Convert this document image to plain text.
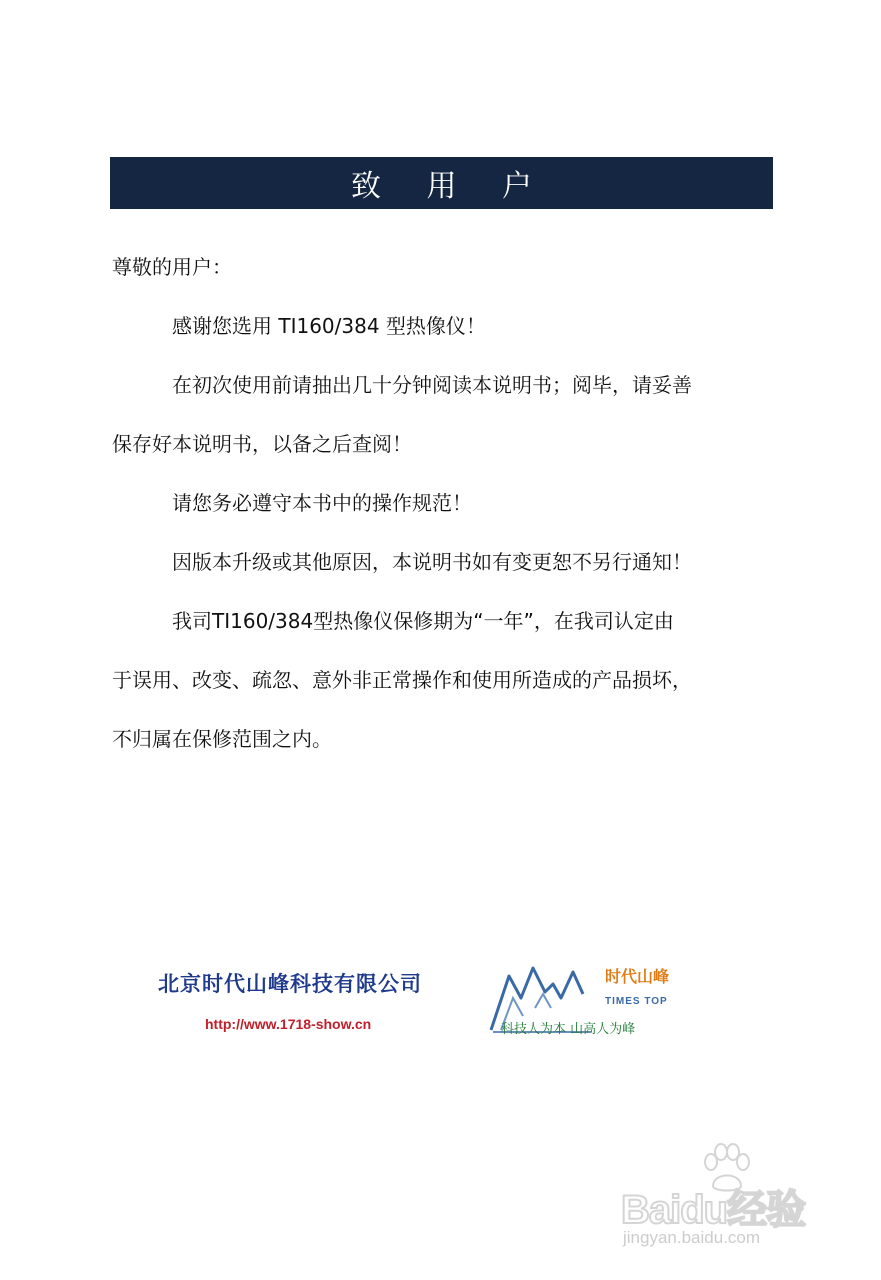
致 用 户

尊敬的用户：

感谢您选用 TI160/384 型热像仪！

在初次使用前请抽出几十分钟阅读本说明书；阅毕，请妥善

保存好本说明书，以备之后查阅！

请您务必遵守本书中的操作规范！

因版本升级或其他原因，本说明书如有变更恕不另行通知！

我司TI160/384型热像仪保修期为“一年”，在我司认定由

于误用、改变、疏忽、意外非正常操作和使用所造成的产品损坏，

不归属在保修范围之内。

北京时代山峰科技有限公司
http://www.1718-show.cn
时代山峰
TIMES TOP
科技人为本 山高人为峰
Baidu经验
jingyan.baidu.com
